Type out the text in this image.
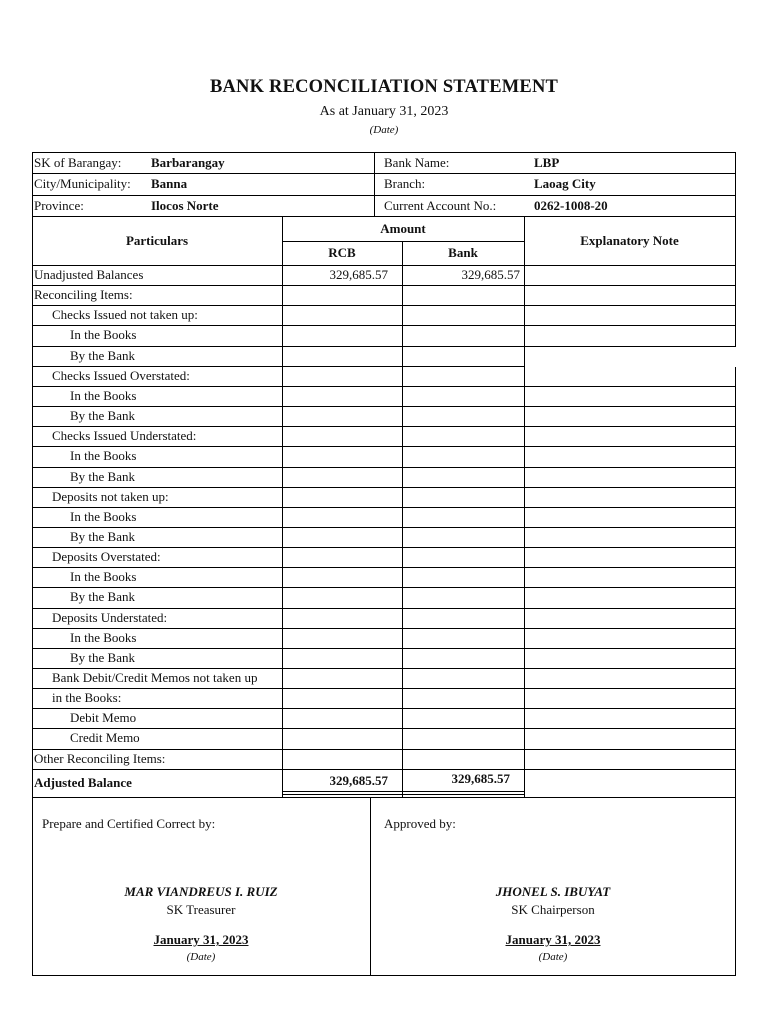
BANK RECONCILIATION STATEMENT
As at January 31, 2023
(Date)
SK of Barangay: Barbarangay
City/Municipality: Banna
Province:	Ilocos Norte
Bank Name:	LBP
Branch:	Laoag City
Current Account No.:	0262-1008-20
Particulars
Amount
RCB	Bank
Explanatory Note
Unadjusted Balances	329,685.57	329,685.57
Reconciling Items:
Checks Issued not taken up:
In the Books
By the Bank
Checks Issued Overstated:
In the Books
By the Bank
Checks Issued Understated:
In the Books
By the Bank
Deposits not taken up:
In the Books
By the Bank
Deposits Overstated:
In the Books
By the Bank
Deposits Understated:
In the Books
By the Bank
Bank Debit/Credit Memos not taken up
in the Books:
Debit Memo
Credit Memo
Other Reconciling Items:
Adjusted Balance	329,685.57	329,685.57
Prepare and Certified Correct by:	Approved by:
MAR VIANDREUS I. RUIZ
SK Treasurer
January 31, 2023
(Date)
JHONEL S. IBUYAT
SK Chairperson
January 31, 2023
(Date)
